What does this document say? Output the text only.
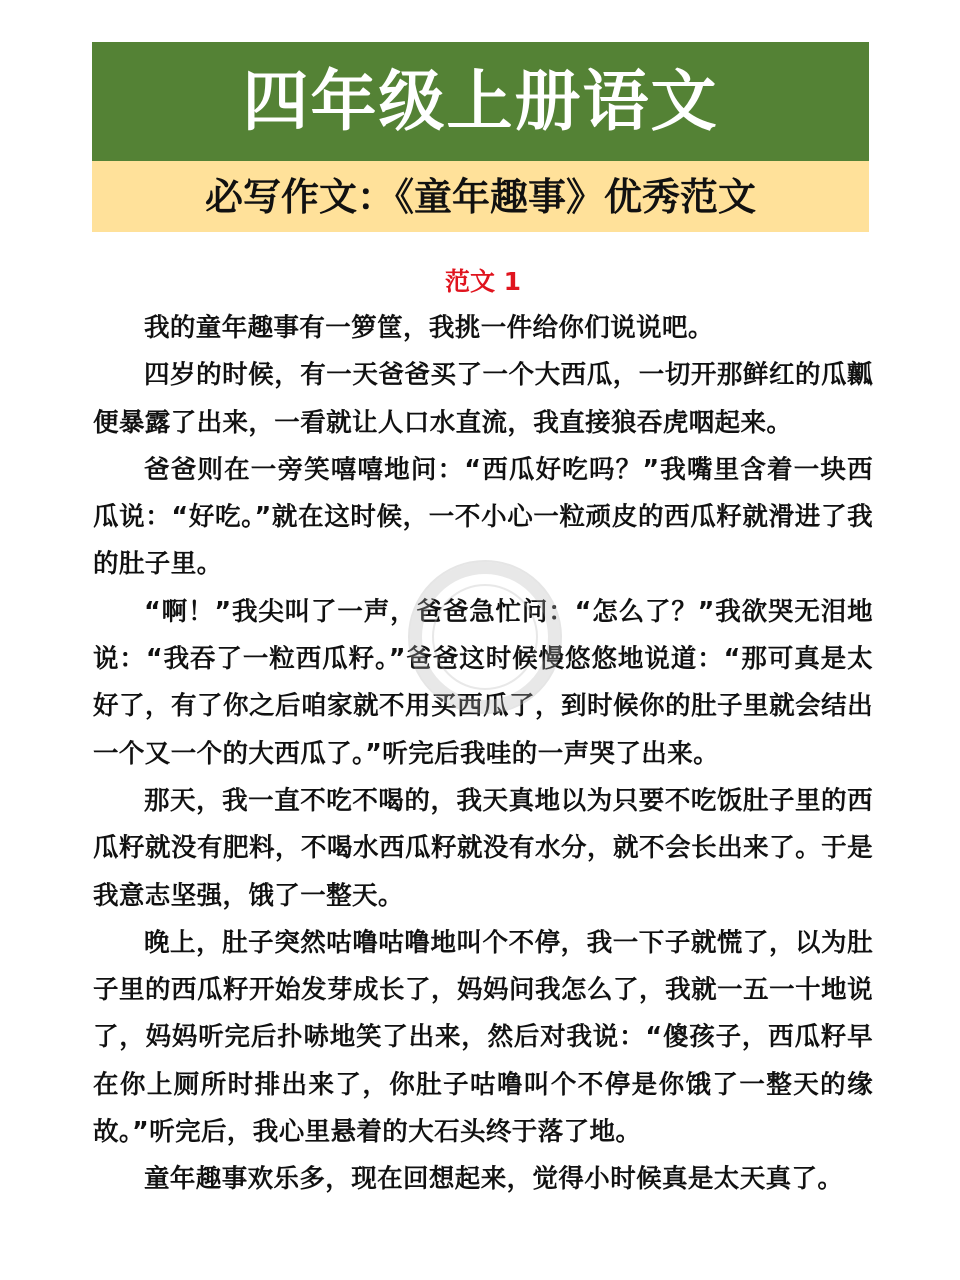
四年级上册语文
必写作文：《童年趣事》优秀范文
范文 1

我的童年趣事有一箩筐，我挑一件给你们说说吧。

四岁的时候，有一天爸爸买了一个大西瓜，一切开那鲜红的瓜瓤便暴露了出来，一看就让人口水直流，我直接狼吞虎咽起来。

爸爸则在一旁笑嘻嘻地问：“西瓜好吃吗？”我嘴里含着一块西瓜说：“好吃。”就在这时候，一不小心一粒顽皮的西瓜籽就滑进了我的肚子里。

“啊！”我尖叫了一声，爸爸急忙问：“怎么了？”我欲哭无泪地说：“我吞了一粒西瓜籽。”爸爸这时候慢悠悠地说道：“那可真是太好了，有了你之后咱家就不用买西瓜了，到时候你的肚子里就会结出一个又一个的大西瓜了。”听完后我哇的一声哭了出来。

那天，我一直不吃不喝的，我天真地以为只要不吃饭肚子里的西瓜籽就没有肥料，不喝水西瓜籽就没有水分，就不会长出来了。于是我意志坚强，饿了一整天。

晚上，肚子突然咕噜咕噜地叫个不停，我一下子就慌了，以为肚子里的西瓜籽开始发芽成长了，妈妈问我怎么了，我就一五一十地说了，妈妈听完后扑哧地笑了出来，然后对我说：“傻孩子，西瓜籽早在你上厕所时排出来了，你肚子咕噜叫个不停是你饿了一整天的缘故。”听完后，我心里悬着的大石头终于落了地。

童年趣事欢乐多，现在回想起来，觉得小时候真是太天真了。
